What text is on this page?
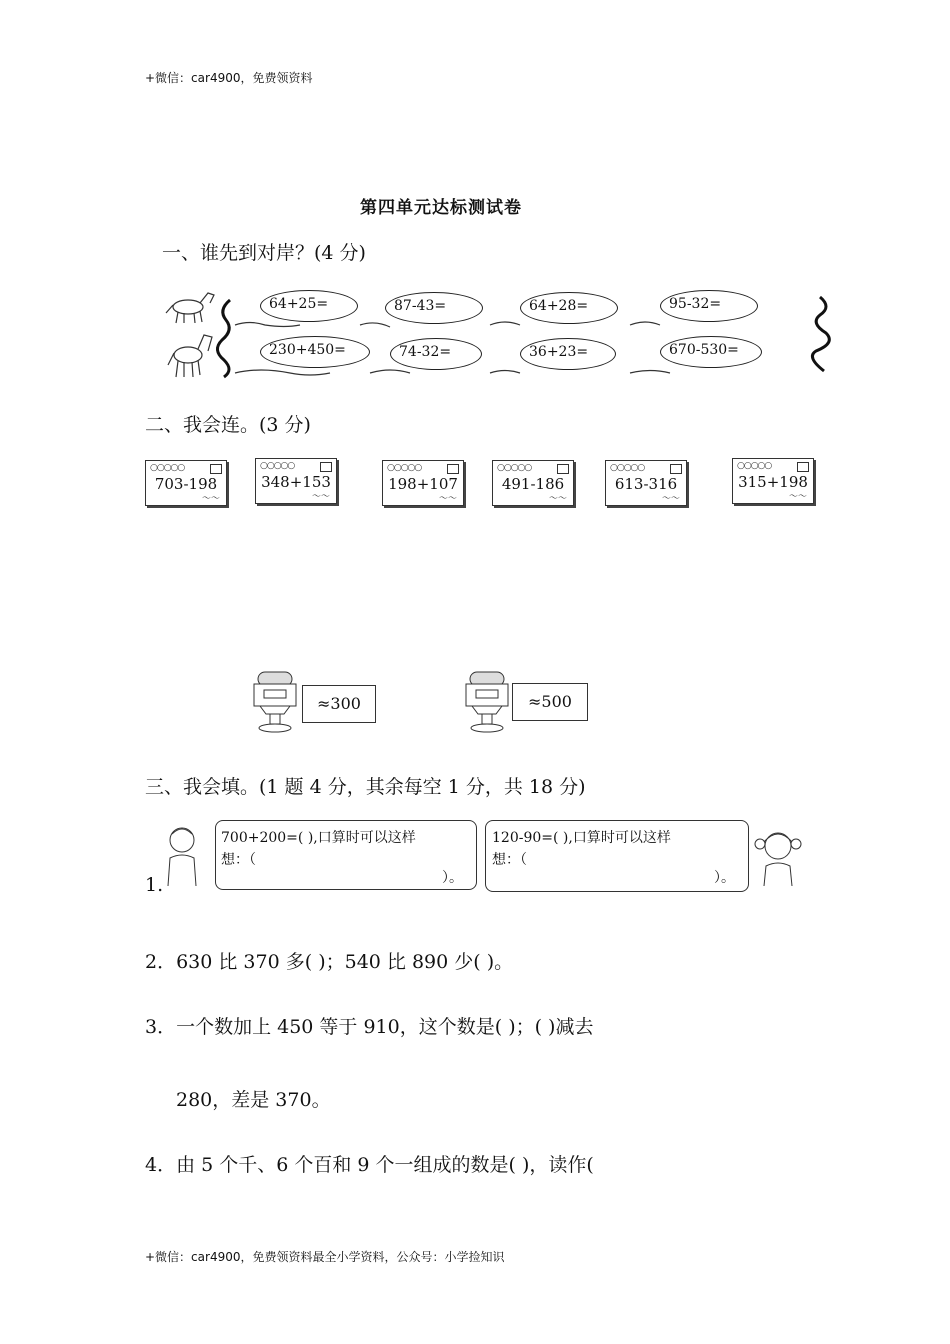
+微信：car4900，免费领资料
第四单元达标测试卷
一、谁先到对岸？(4 分)
64+25=	87-43=	64+28=	95-32=
230+450=	74-32=	36+23=	670-530=
二、我会连。(3 分)
○○○○○
703-198
～～
○○○○○
348+153
～～
○○○○○
198+107
～～
○○○○○
491-186
～～
○○○○○
613-316
～～
○○○○○
315+198
～～
≈300	≈500
三、我会填。(1 题 4 分，其余每空 1 分，共 18 分)
1.
700+200=( ),口算时可以这样
想：（
）。
120-90=( ),口算时可以这样
想：（
）。
2．630 比 370 多( )；540 比 890 少( )。
3．一个数加上 450 等于 910，这个数是( )；( )减去
280，差是 370。
4．由 5 个千、6 个百和 9 个一组成的数是( )，读作(
+微信：car4900，免费领资料最全小学资料，公众号：小学捡知识
